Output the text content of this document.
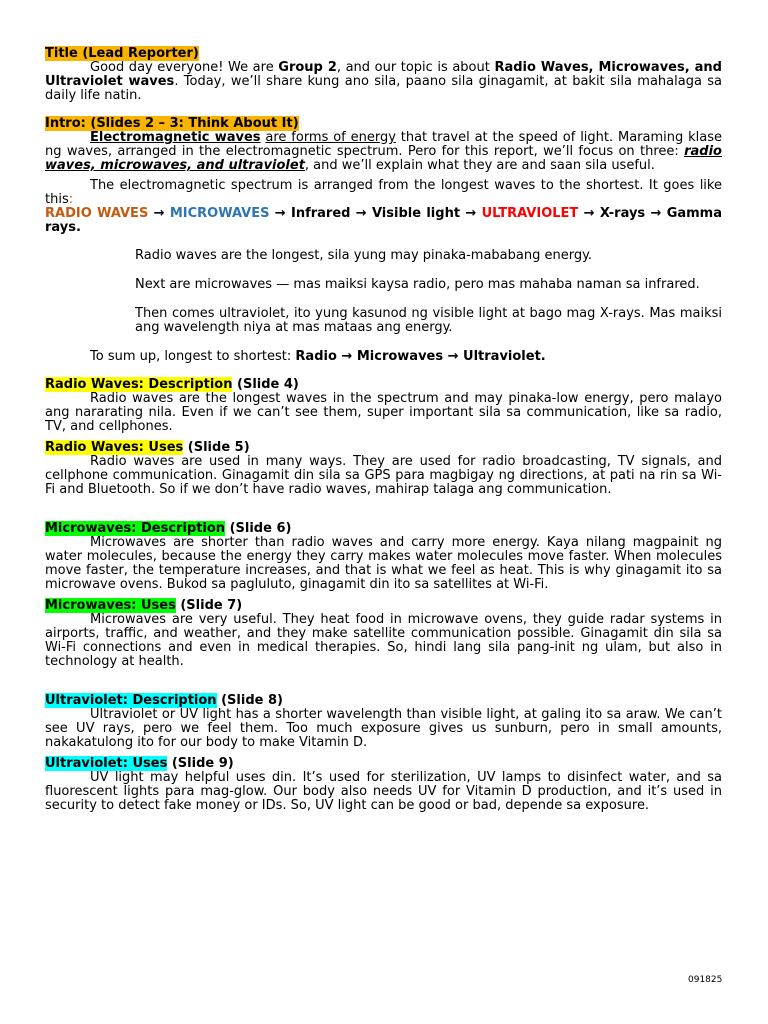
Title (Lead Reporter)

Good day everyone! We are Group 2, and our topic is about Radio Waves, Microwaves, and Ultraviolet waves. Today, we’ll share kung ano sila, paano sila ginagamit, at bakit sila mahalaga sa daily life natin.

Intro: (Slides 2 – 3: Think About It)

Electromagnetic waves are forms of energy that travel at the speed of light. Maraming klase ng waves, arranged in the electromagnetic spectrum. Pero for this report, we’ll focus on three: radio waves, microwaves, and ultraviolet, and we’ll explain what they are and saan sila useful.

The electromagnetic spectrum is arranged from the longest waves to the shortest. It goes like this:

RADIO WAVES → MICROWAVES → Infrared → Visible light → ULTRAVIOLET → X-rays → Gamma rays.

Radio waves are the longest, sila yung may pinaka-mababang energy.
Next are microwaves — mas maiksi kaysa radio, pero mas mahaba naman sa infrared.
Then comes ultraviolet, ito yung kasunod ng visible light at bago mag X-rays. Mas maiksi ang wavelength niya at mas mataas ang energy.

To sum up, longest to shortest: Radio → Microwaves → Ultraviolet.

Radio Waves: Description (Slide 4)

Radio waves are the longest waves in the spectrum and may pinaka-low energy, pero malayo ang nararating nila. Even if we can’t see them, super important sila sa communication, like sa radio, TV, and cellphones.

Radio Waves: Uses (Slide 5)

Radio waves are used in many ways. They are used for radio broadcasting, TV signals, and cellphone communication. Ginagamit din sila sa GPS para magbigay ng directions, at pati na rin sa Wi-Fi and Bluetooth. So if we don’t have radio waves, mahirap talaga ang communication.

Microwaves: Description (Slide 6)

Microwaves are shorter than radio waves and carry more energy. Kaya nilang magpainit ng water molecules, because the energy they carry makes water molecules move faster. When molecules move faster, the temperature increases, and that is what we feel as heat. This is why ginagamit ito sa microwave ovens. Bukod sa pagluluto, ginagamit din ito sa satellites at Wi-Fi.

Microwaves: Uses (Slide 7)

Microwaves are very useful. They heat food in microwave ovens, they guide radar systems in airports, traffic, and weather, and they make satellite communication possible. Ginagamit din sila sa Wi-Fi connections and even in medical therapies. So, hindi lang sila pang-init ng ulam, but also in technology at health.

Ultraviolet: Description (Slide 8)

Ultraviolet or UV light has a shorter wavelength than visible light, at galing ito sa araw. We can’t see UV rays, pero we feel them. Too much exposure gives us sunburn, pero in small amounts, nakakatulong ito for our body to make Vitamin D.

Ultraviolet: Uses (Slide 9)

UV light may helpful uses din. It’s used for sterilization, UV lamps to disinfect water, and sa fluorescent lights para mag-glow. Our body also needs UV for Vitamin D production, and it’s used in security to detect fake money or IDs. So, UV light can be good or bad, depende sa exposure.

091825
